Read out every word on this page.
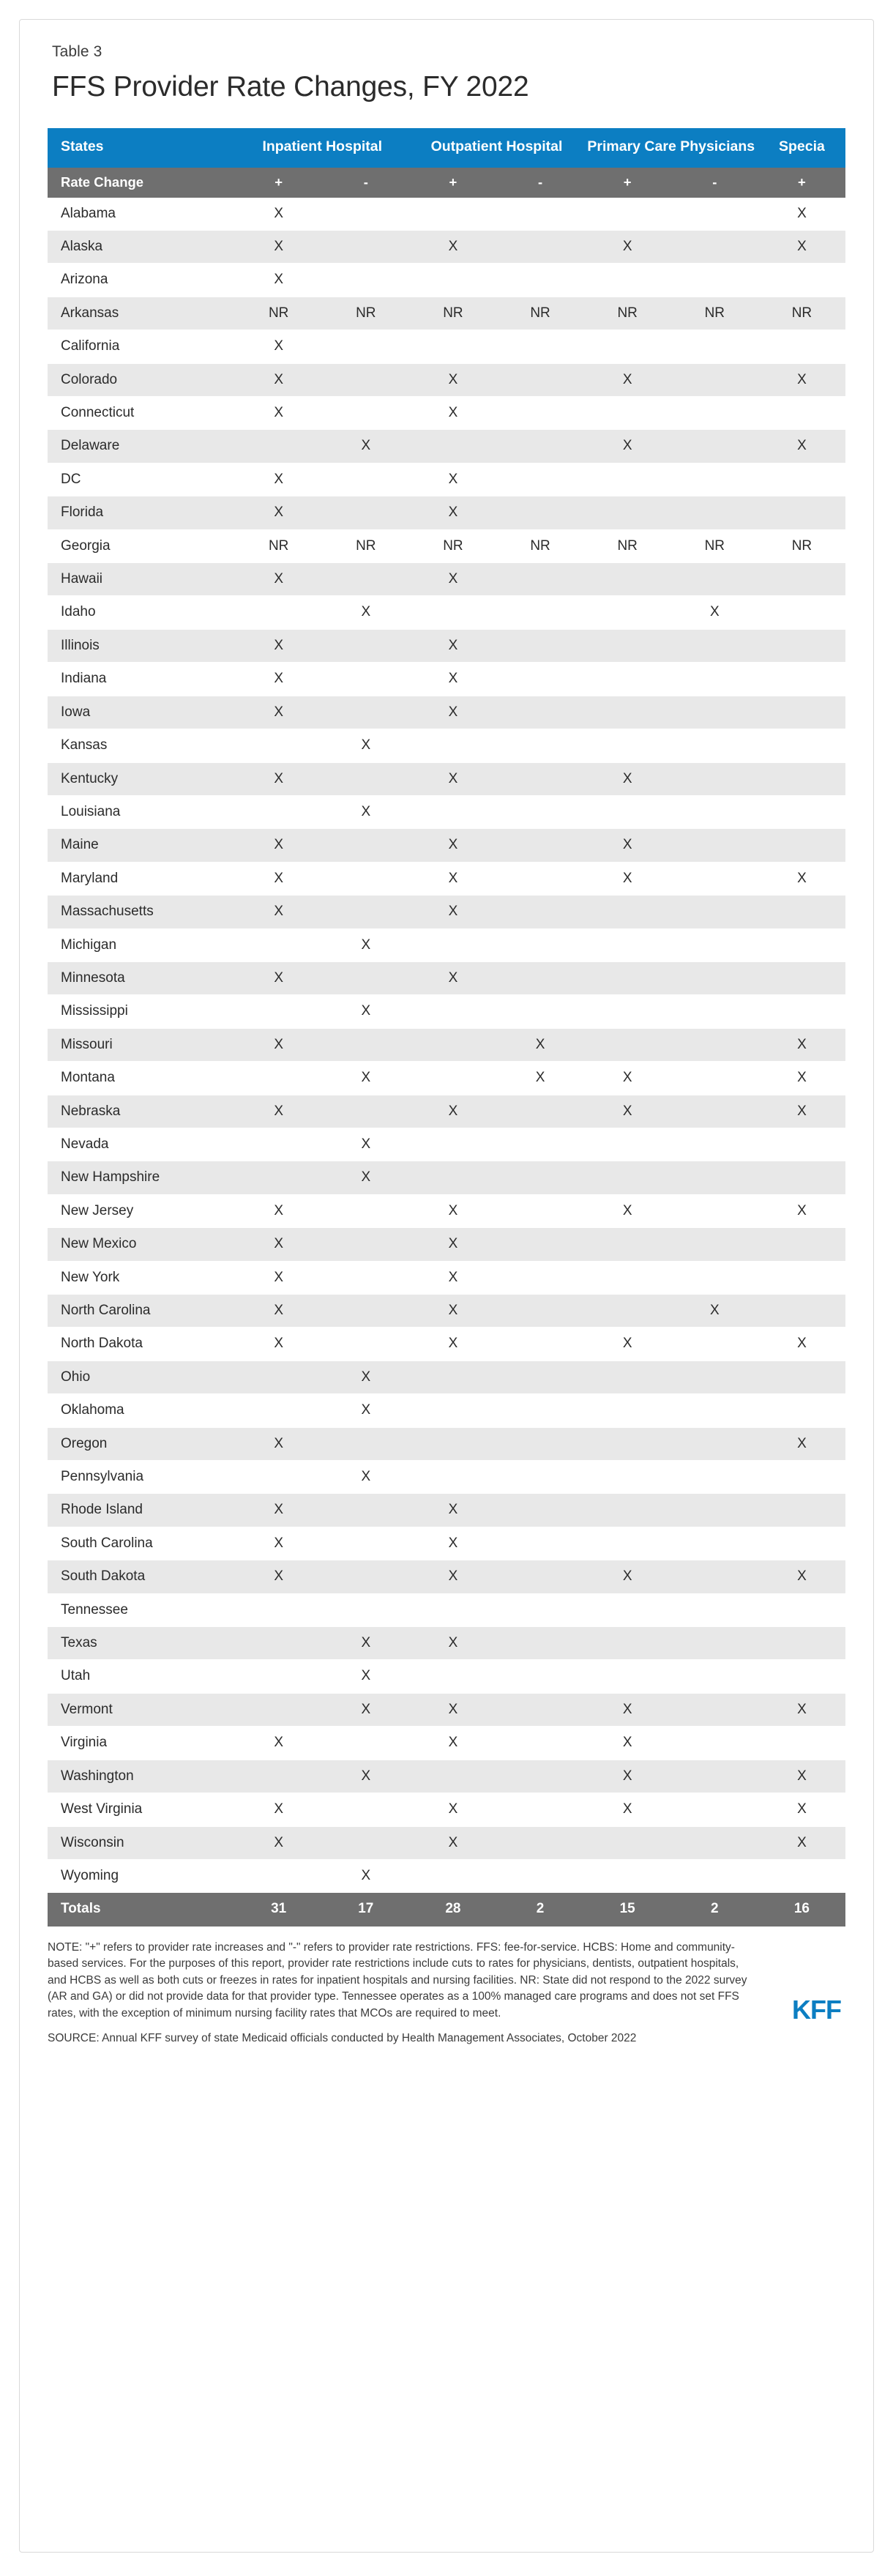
Table 3
FFS Provider Rate Changes, FY 2022
States	Inpatient Hospital		Outpatient Hospital		Primary Care Physicians		Specia
Rate Change	+	-	+	-	+	-	+
Alabama	X						X
Alaska	X		X		X		X
Arizona	X						
Arkansas	NR	NR	NR	NR	NR	NR	NR
California	X						
Colorado	X		X		X		X
Connecticut	X		X				
Delaware		X			X		X
DC	X		X				
Florida	X		X				
Georgia	NR	NR	NR	NR	NR	NR	NR
Hawaii	X		X				
Idaho		X				X	
Illinois	X		X				
Indiana	X		X				
Iowa	X		X				
Kansas		X					
Kentucky	X		X		X		
Louisiana		X					
Maine	X		X		X		
Maryland	X		X		X		X
Massachusetts	X		X				
Michigan		X					
Minnesota	X		X				
Mississippi		X					
Missouri	X			X			X
Montana		X		X	X		X
Nebraska	X		X		X		X
Nevada		X					
New Hampshire		X					
New Jersey	X		X		X		X
New Mexico	X		X				
New York	X		X				
North Carolina	X		X			X	
North Dakota	X		X		X		X
Ohio		X					
Oklahoma		X					
Oregon	X						X
Pennsylvania		X					
Rhode Island	X		X				
South Carolina	X		X				
South Dakota	X		X		X		X
Tennessee							
Texas		X	X				
Utah		X					
Vermont		X	X		X		X
Virginia	X		X		X		
Washington		X			X		X
West Virginia	X		X		X		X
Wisconsin	X		X				X
Wyoming		X					
Totals	31	17	28	2	15	2	16

NOTE: "+" refers to provider rate increases and "-" refers to provider rate restrictions. FFS: fee-for-service. HCBS: Home and community-based services. For the purposes of this report, provider rate restrictions include cuts to rates for physicians, dentists, outpatient hospitals, and HCBS as well as both cuts or freezes in rates for inpatient hospitals and nursing facilities. NR: State did not respond to the 2022 survey (AR and GA) or did not provide data for that provider type. Tennessee operates as a 100% managed care programs and does not set FFS rates, with the exception of minimum nursing facility rates that MCOs are required to meet.

SOURCE: Annual KFF survey of state Medicaid officials conducted by Health Management Associates, October 2022

KFF
